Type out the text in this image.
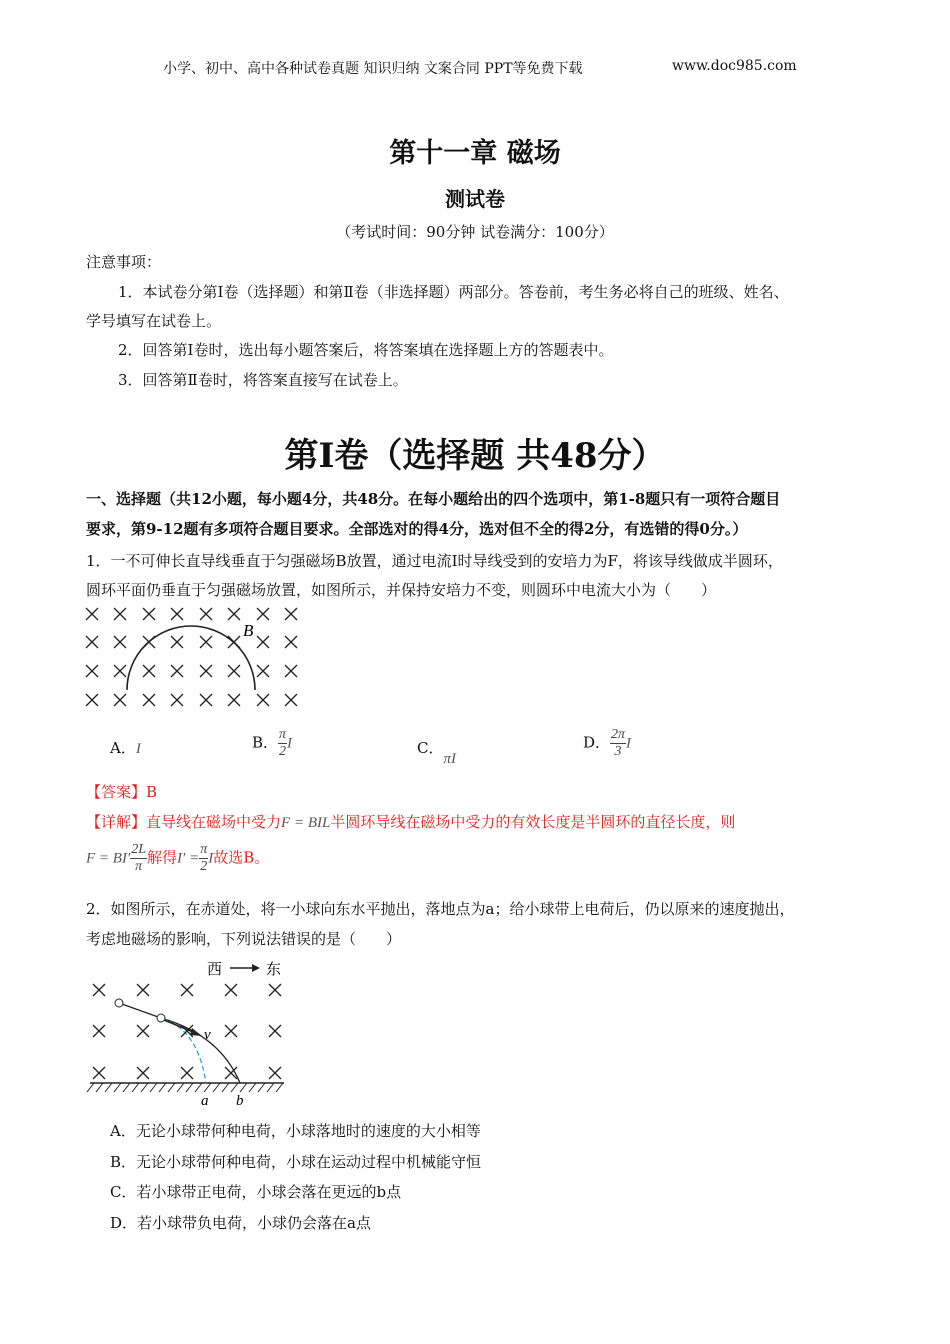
小学、初中、高中各种试卷真题 知识归纳 文案合同 PPT等免费下载	www.doc985.com
第十一章 磁场
测试卷
（考试时间：90分钟 试卷满分：100分）
注意事项：
1．本试卷分第Ⅰ卷（选择题）和第Ⅱ卷（非选择题）两部分。答卷前，考生务必将自己的班级、姓名、
学号填写在试卷上。
2．回答第Ⅰ卷时，选出每小题答案后，将答案填在选择题上方的答题表中。
3．回答第Ⅱ卷时，将答案直接写在试卷上。
第Ⅰ卷（选择题 共48分）
一、选择题（共12小题，每小题4分，共48分。在每小题给出的四个选项中，第1-8题只有一项符合题目
要求，第9-12题有多项符合题目要求。全部选对的得4分，选对但不全的得2分，有选错的得0分。）
1．一不可伸长直导线垂直于匀强磁场B放置，通过电流I时导线受到的安培力为F，将该导线做成半圆环，
圆环平面仍垂直于匀强磁场放置，如图所示，并保持安培力不变，则圆环中电流大小为（　　）
B
A．I	B． $\frac{\pi}{2}$ I	C．πI
D． $\frac{2\pi}{3}$ I
【答案】B
【详解】直导线在磁场中受力F = BIL半圆环导线在磁场中受力的有效长度是半圆环的直径长度，则
$F = BI' \frac{2L}{\pi}$ 解得$I' = \frac{\pi}{2}$ I故选B。
2．如图所示，在赤道处，将一小球向东水平抛出，落地点为a；给小球带上电荷后，仍以原来的速度抛出，
考虑地磁场的影响，下列说法错误的是（　　）
西	东
v
a b
A．无论小球带何种电荷，小球落地时的速度的大小相等
B．无论小球带何种电荷，小球在运动过程中机械能守恒
C．若小球带正电荷，小球会落在更远的b点
D．若小球带负电荷，小球仍会落在a点
